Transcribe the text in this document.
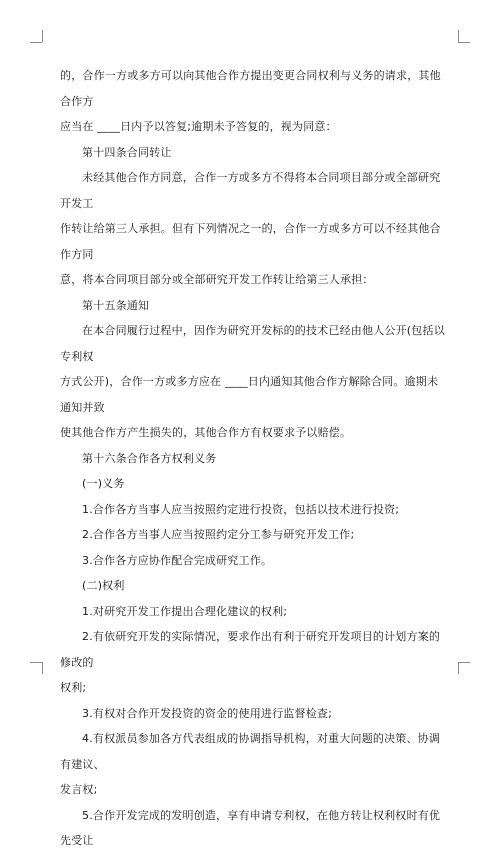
的，合作一方或多方可以向其他合作方提出变更合同权利与义务的请求，其他合作方
应当在 ____日内予以答复;逾期未予答复的，视为同意：
第十四条合同转让
未经其他合作方同意，合作一方或多方不得将本合同项目部分或全部研究开发工
作转让给第三人承担。但有下列情况之一的，合作一方或多方可以不经其他合作方同
意，将本合同项目部分或全部研究开发工作转让给第三人承担：
第十五条通知
在本合同履行过程中，因作为研究开发标的的技术已经由他人公开(包括以专利权
方式公开)，合作一方或多方应在 ____日内通知其他合作方解除合同。逾期未通知并致
使其他合作方产生损失的，其他合作方有权要求予以赔偿。
第十六条合作各方权利义务
(一)义务
1.合作各方当事人应当按照约定进行投资，包括以技术进行投资;
2.合作各方当事人应当按照约定分工参与研究开发工作;
3.合作各方应协作配合完成研究工作。
(二)权利
1.对研究开发工作提出合理化建议的权利;
2.有依研究开发的实际情况，要求作出有利于研究开发项目的计划方案的修改的
权利;
3.有权对合作开发投资的资金的使用进行监督检查;
4.有权派员参加各方代表组成的协调指导机构，对重大问题的决策、协调有建议、
发言权;
5.合作开发完成的发明创造，享有申请专利权，在他方转让权利权时有优先受让
